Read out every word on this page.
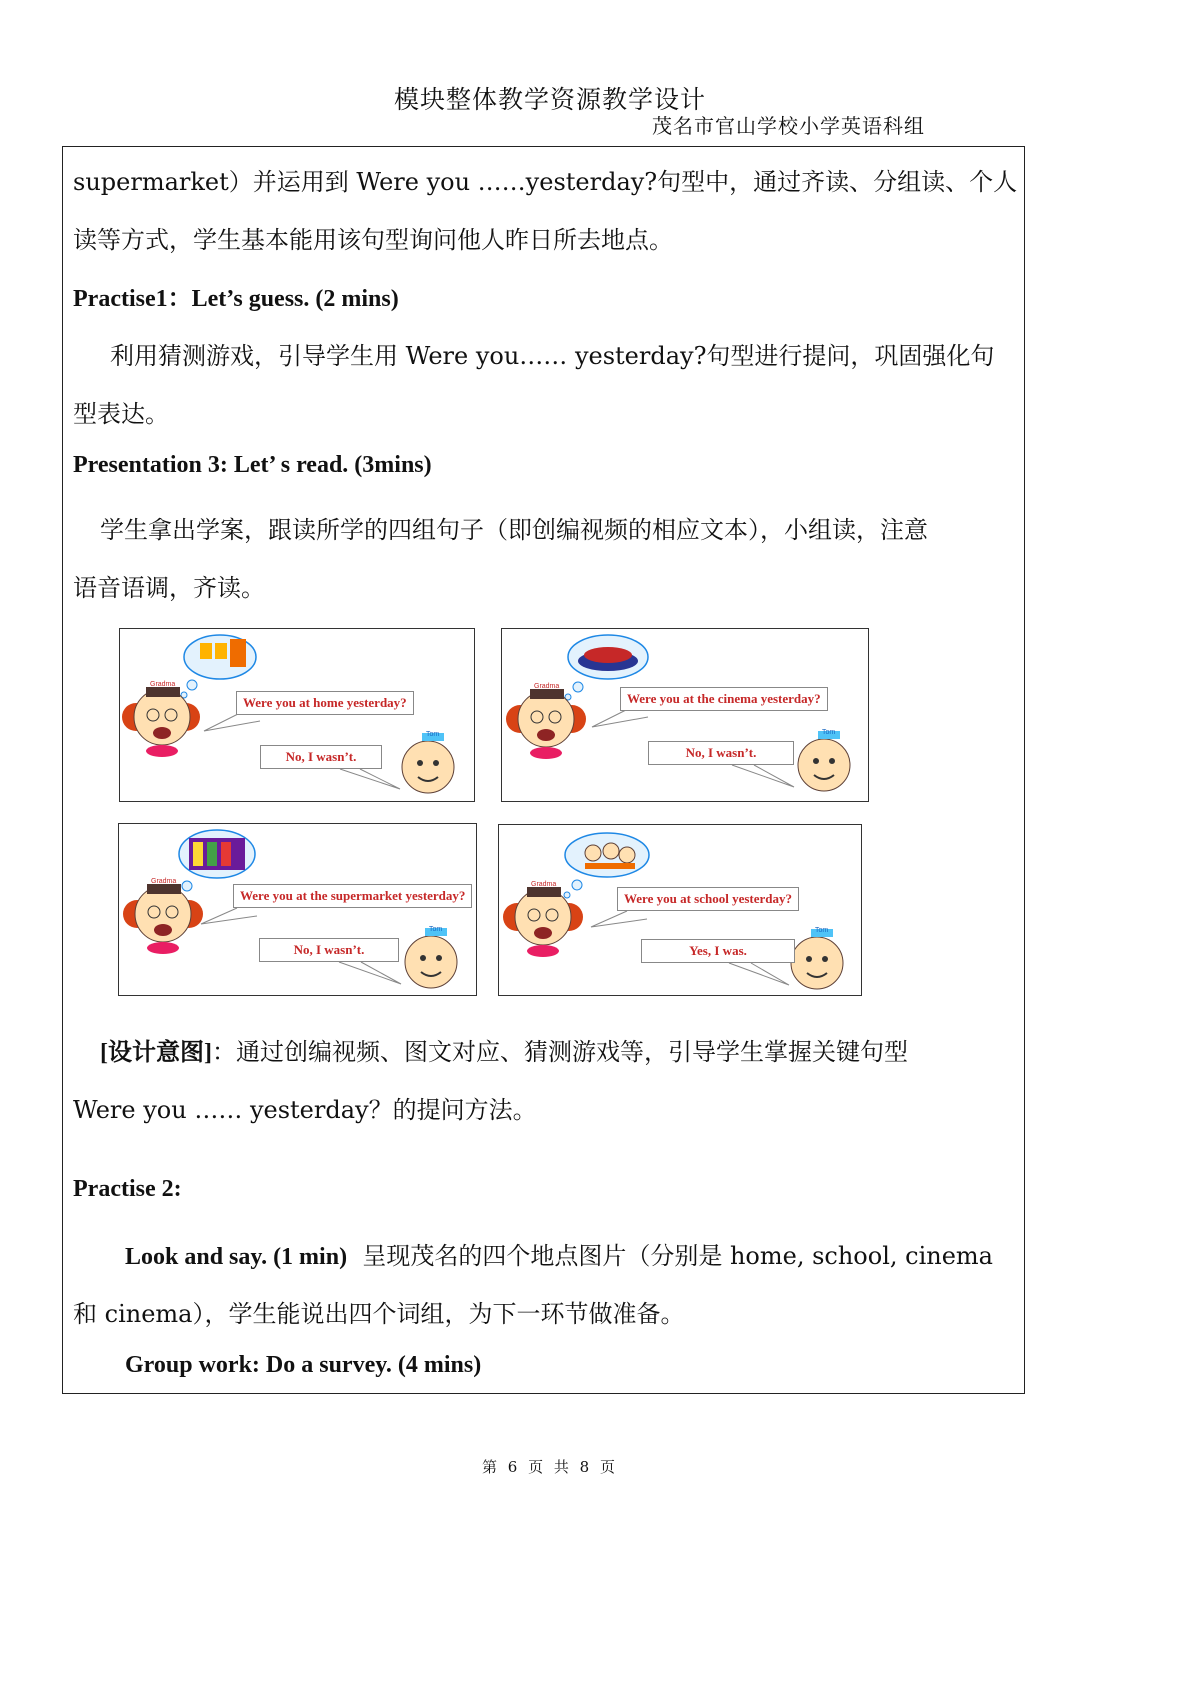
模块整体教学资源教学设计
茂名市官山学校小学英语科组
supermarket）并运用到 Were you ……yesterday?句型中，通过齐读、分组读、个人
读等方式，学生基本能用该句型询问他人昨日所去地点。
Practise1：Let’s guess. (2 mins)
利用猜测游戏，引导学生用 Were you…… yesterday?句型进行提问，巩固强化句
型表达。
Presentation 3: Let’ s read. (3mins)
学生拿出学案，跟读所学的四组句子（即创编视频的相应文本），小组读，注意
语音语调，齐读。
Were you at home yesterday?
No, I wasn’t.
Gradma
Tom
Were you at the cinema yesterday?
No, I wasn’t.
Gradma
Tom
Were you at the supermarket yesterday?
No, I wasn’t.
Gradma
Tom
Were you at school yesterday?
Yes, I was.
Gradma
Tom
[设计意图]：通过创编视频、图文对应、猜测游戏等，引导学生掌握关键句型
Were you …… yesterday？的提问方法。
Practise 2:
Look and say. (1 min) 呈现茂名的四个地点图片（分别是 home, school, cinema
和 cinema），学生能说出四个词组，为下一环节做准备。
Group work: Do a survey. (4 mins)
第 6 页 共 8 页
